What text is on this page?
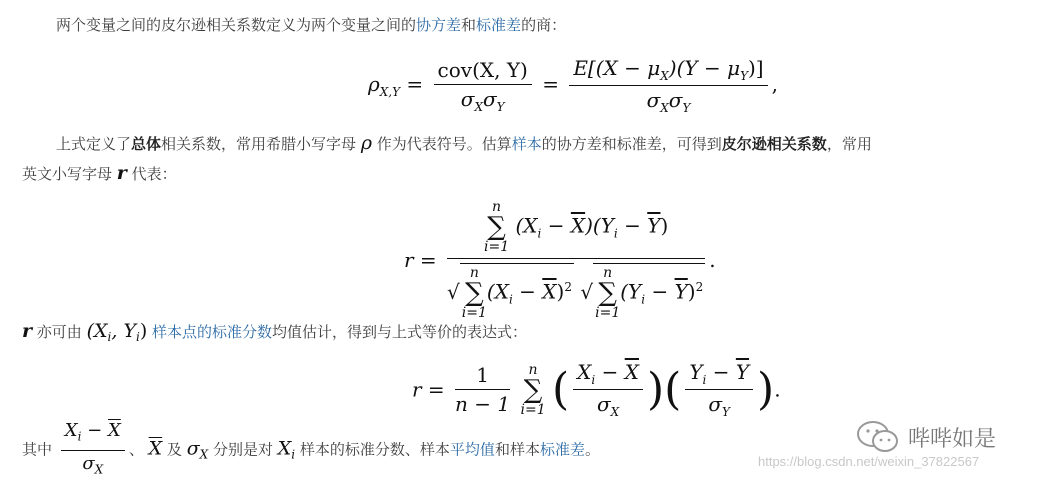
两个变量之间的皮尔逊相关系数定义为两个变量之间的协方差和标准差的商：
$\rho_{X,Y} = \frac{\text{cov(X, Y)}}{\sigma_X\sigma_Y} = \frac{E[(X - \mu_X)(Y - \mu_Y)]}{\sigma_X\sigma_Y}$ ,
上式定义了总体相关系数，常用希腊小写字母 ρ 作为代表符号。估算样本的协方差和标准差，可得到皮尔逊相关系数，常用
英文小写字母 r 代表：
r =
n
∑
i=1 $(X_i - \overline{X})(Y_i - \overline{Y})$
√n
∑
$i=1(X_i - \overline{X})^2$ √n
∑
$i=1(Y_i - \overline{Y})^2$
.
r 亦可由 ($X_i$, $Y_i$) 样本点的标准分数均值估计，得到与上式等价的表达式：
$r = \frac{1}{n - 1}$ n
∑
i=1 ( $\frac{X_i - \overline{X}}{\sigma_X}$ )( $\frac{Y_i - \overline{Y}}{\sigma_Y}$ ).
其中 $\frac{X_i - \overline{X}}{\sigma_X}$ 、 $\overline{X}$ 及 $\sigma_X$ 分别是对 $X_i$ 样本的标准分数、样本平均值和样本标准差。	哔哔如是
https://blog.csdn.net/weixin_37822567
